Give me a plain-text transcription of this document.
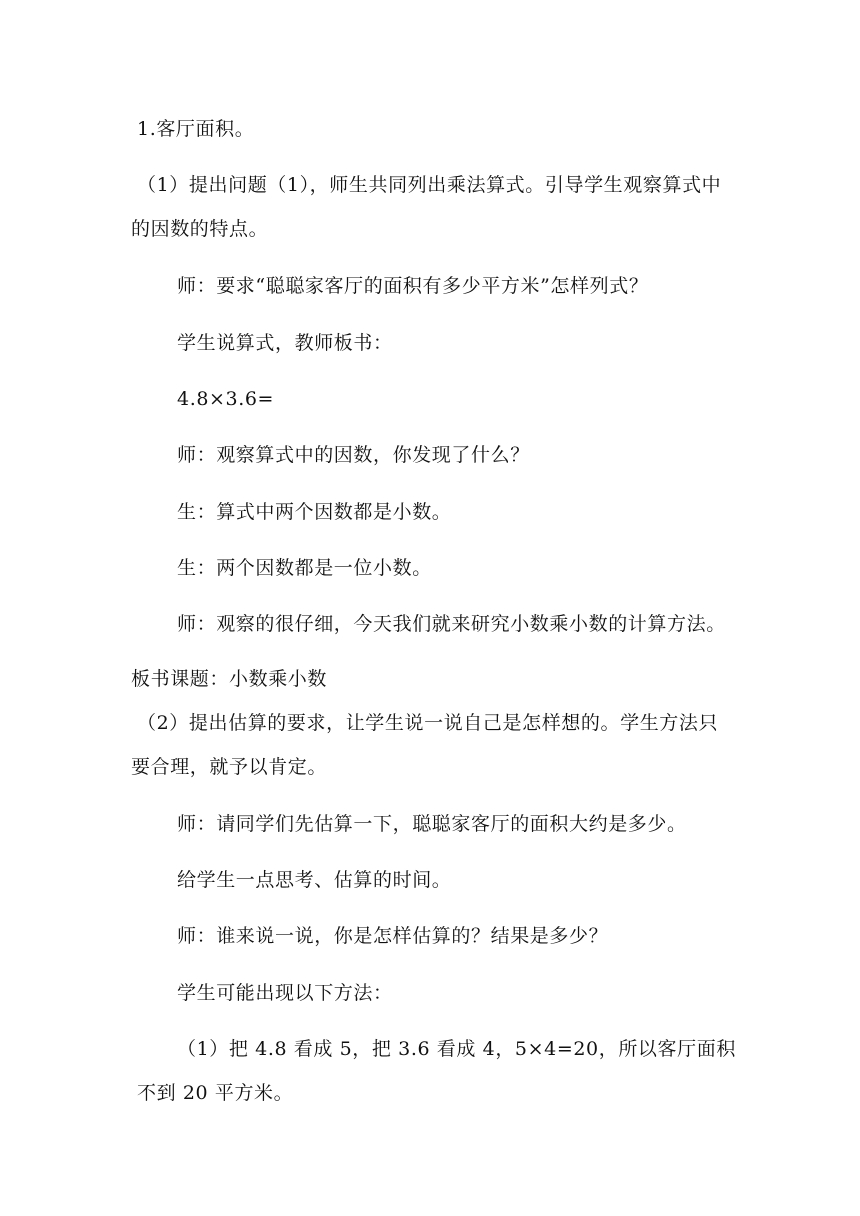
1.客厅面积。
（1）提出问题（1），师生共同列出乘法算式。引导学生观察算式中
的因数的特点。
师：要求“聪聪家客厅的面积有多少平方米”怎样列式？
学生说算式，教师板书：
4.8×3.6=
师：观察算式中的因数，你发现了什么？
生：算式中两个因数都是小数。
生：两个因数都是一位小数。
师：观察的很仔细，今天我们就来研究小数乘小数的计算方法。
板书课题：小数乘小数
（2）提出估算的要求，让学生说一说自己是怎样想的。学生方法只
要合理，就予以肯定。
师：请同学们先估算一下，聪聪家客厅的面积大约是多少。
给学生一点思考、估算的时间。
师：谁来说一说，你是怎样估算的？结果是多少？
学生可能出现以下方法：
（1）把 4.8 看成 5，把 3.6 看成 4，5×4=20，所以客厅面积
不到 20 平方米。
